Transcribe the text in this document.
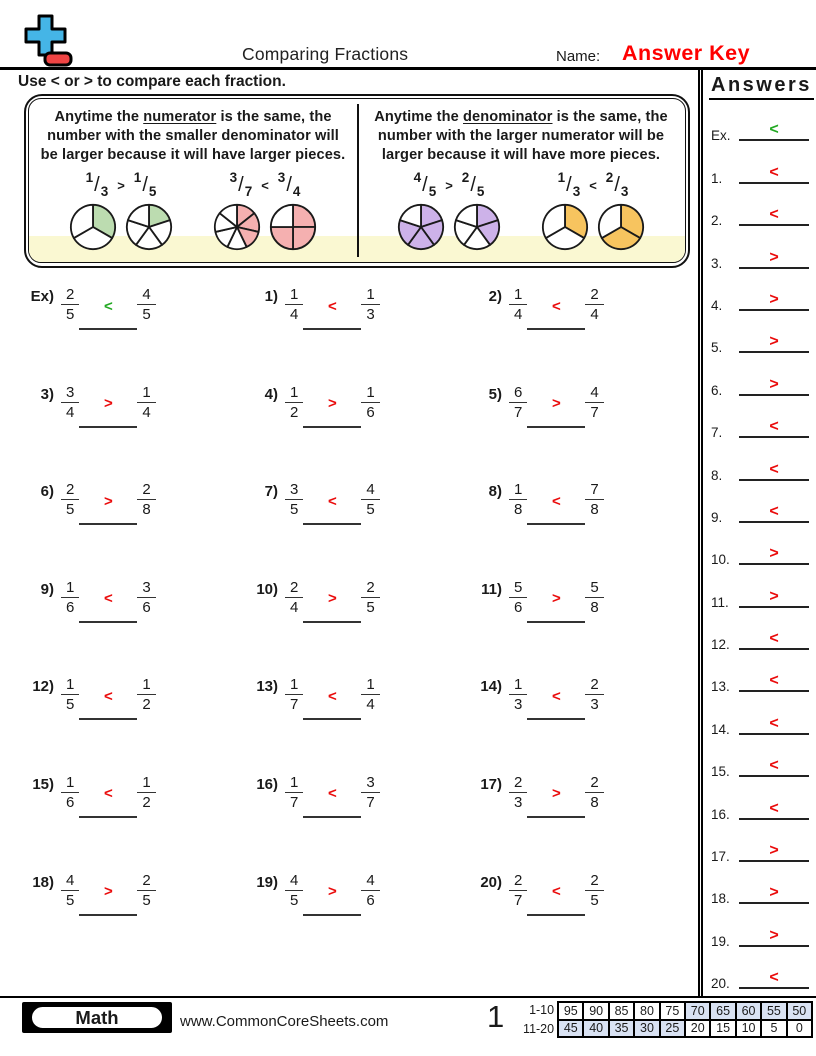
Comparing Fractions	Name: Answer Key
Use < or > to compare each fraction.

Anytime the numerator is the same, the number with the smaller denominator will be larger because it will have larger pieces.

1 / 3 > 1 / 5
3 / 7 < 3 / 4

Anytime the denominator is the same, the number with the larger numerator will be larger because it will have more pieces.

4 / 5 > 2 / 5
1 / 3 < 2 / 3
$Ex) \frac{2}{5} < \frac{4}{5}$	$1) \frac{1}{4} < \frac{1}{3}$	$2) \frac{1}{4} < \frac{2}{4}$
$3) \frac{3}{4} > \frac{1}{4}$	$4) \frac{1}{2} > \frac{1}{6}$	$5) \frac{6}{7} > \frac{4}{7}$
$6) \frac{2}{5} > \frac{2}{8}$	$7) \frac{3}{5} < \frac{4}{5}$	$8) \frac{1}{8} < \frac{7}{8}$
$9) \frac{1}{6} < \frac{3}{6}$	$10) \frac{2}{4} > \frac{2}{5}$	$11) \frac{5}{6} > \frac{5}{8}$
$12) \frac{1}{5} < \frac{1}{2}$	$13) \frac{1}{7} < \frac{1}{4}$	$14) \frac{1}{3} < \frac{2}{3}$
$15) \frac{1}{6} < \frac{1}{2}$	$16) \frac{1}{7} < \frac{3}{7}$	$17) \frac{2}{3} > \frac{2}{8}$
$18) \frac{4}{5} > \frac{2}{5}$	$19) \frac{4}{5} > \frac{4}{6}$	$20) \frac{2}{7} < \frac{2}{5}$
Answers
Ex.	<
1.	<
2.	<
3.	>
4.	>
5.	>
6.	>
7.	<
8.	<
9.	<
10.	>
11.	>
12.	<
13.	<
14.	<
15.	<
16.	<
17.	>
18.	>
19.	>
20.	<
Math	www.CommonCoreSheets.com	1	1-10
11-20
95 90 85 80 75 70 65 60 55 50
45 40 35 30 25 20 15 10	5	0
